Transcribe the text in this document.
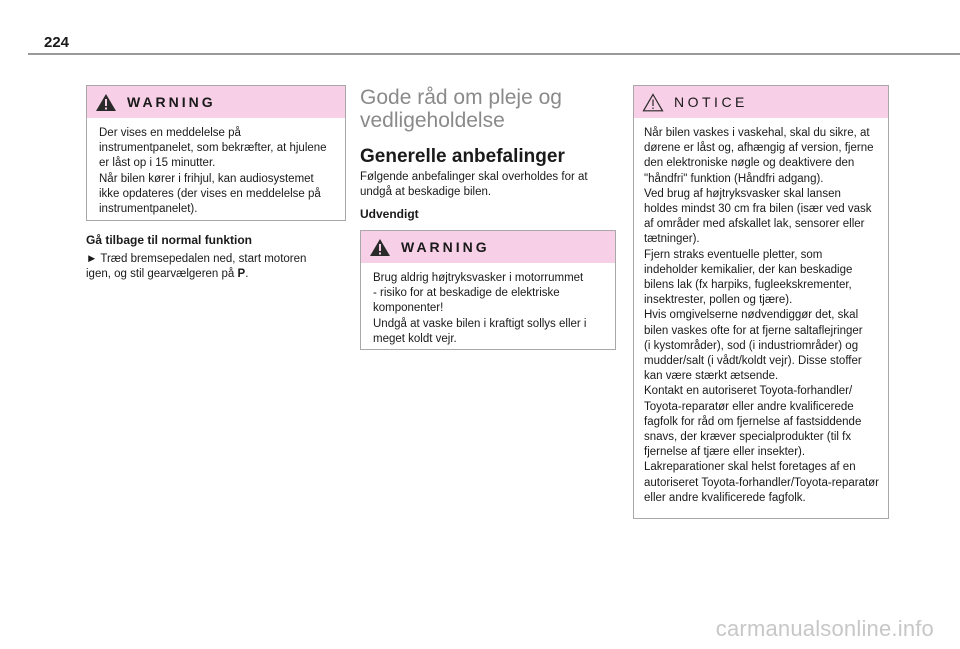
224
WARNING

Der vises en meddelelse på

instrumentpanelet, som bekræfter, at hjulene

er låst op i 15 minutter.

Når bilen kører i frihjul, kan audiosystemet

ikke opdateres (der vises en meddelelse på

instrumentpanelet).

Gå tilbage til normal funktion
► Træd bremsepedalen ned, start motoren
igen, og stil gearvælgeren på P.
Gode råd om pleje og
vedligeholdelse
Generelle anbefalinger
Følgende anbefalinger skal overholdes for at
undgå at beskadige bilen.
Udvendigt
WARNING

Brug aldrig højtryksvasker i motorrummet

- risiko for at beskadige de elektriske

komponenter!

Undgå at vaske bilen i kraftigt sollys eller i

meget koldt vejr.

NOTICE

Når bilen vaskes i vaskehal, skal du sikre, at

dørene er låst og, afhængig af version, fjerne

den elektroniske nøgle og deaktivere den

"håndfri" funktion (Håndfri adgang).

Ved brug af højtryksvasker skal lansen

holdes mindst 30 cm fra bilen (især ved vask

af områder med afskallet lak, sensorer eller

tætninger).

Fjern straks eventuelle pletter, som

indeholder kemikalier, der kan beskadige

bilens lak (fx harpiks, fugleekskrementer,

insektrester, pollen og tjære).

Hvis omgivelserne nødvendiggør det, skal

bilen vaskes ofte for at fjerne saltaflejringer

(i kystområder), sod (i industriområder) og

mudder/salt (i vådt/koldt vejr). Disse stoffer

kan være stærkt ætsende.

Kontakt en autoriseret Toyota-forhandler/

Toyota-reparatør eller andre kvalificerede

fagfolk for råd om fjernelse af fastsiddende

snavs, der kræver specialprodukter (til fx

fjernelse af tjære eller insekter).

Lakreparationer skal helst foretages af en

autoriseret Toyota-forhandler/Toyota-reparatør

eller andre kvalificerede fagfolk.

carmanualsonline.info
